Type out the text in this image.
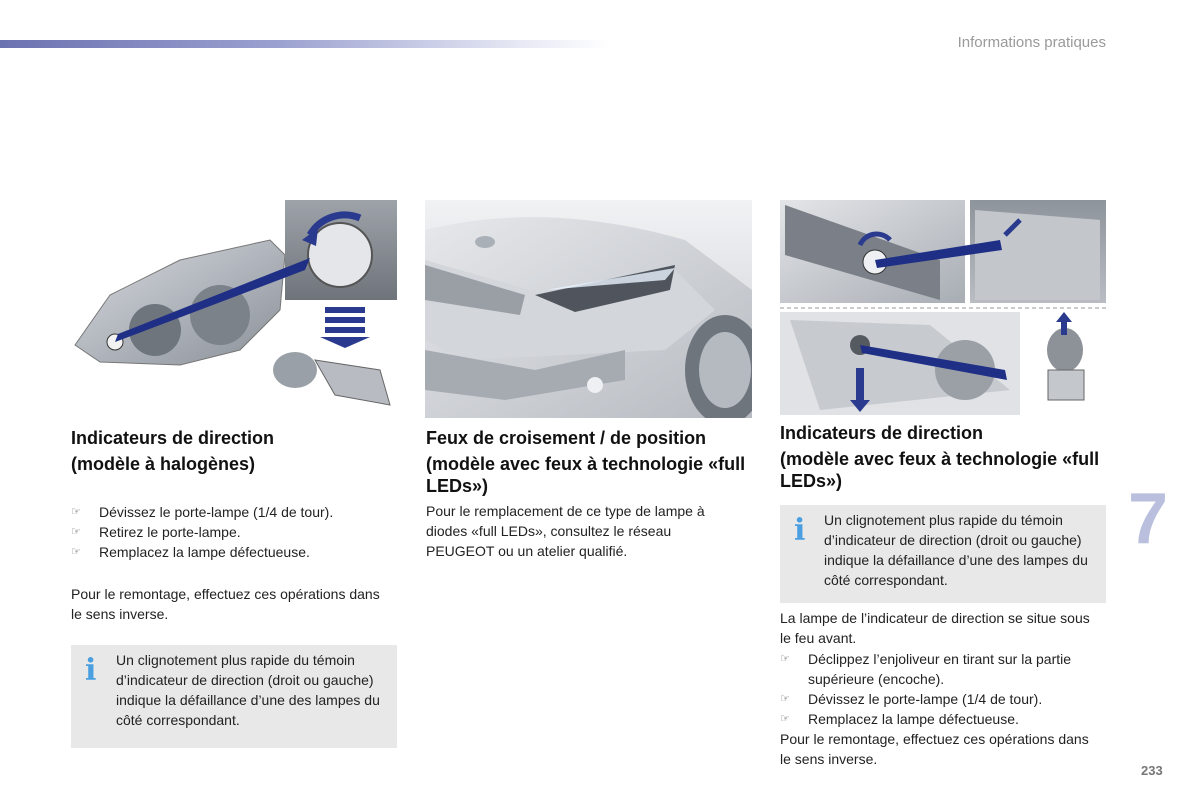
Informations pratiques
7
233
Indicateurs de direction
(modèle à halogènes)
☞ Dévissez le porte-lampe (1/4 de tour).
☞ Retirez le porte-lampe.
☞ Remplacez la lampe défectueuse.

Pour le remontage, effectuez ces opérations dans le sens inverse.

i Un clignotement plus rapide du témoin d’indicateur de direction (droit ou gauche) indique la défaillance d’une des lampes du côté correspondant.
Feux de croisement / de position
(modèle avec feux à technologie «full LEDs»)

Pour le remplacement de ce type de lampe à diodes «full LEDs», consultez le réseau PEUGEOT ou un atelier qualifié.

Indicateurs de direction
(modèle avec feux à technologie «full LEDs»)
i Un clignotement plus rapide du témoin d’indicateur de direction (droit ou gauche) indique la défaillance d’une des lampes du côté correspondant.

La lampe de l’indicateur de direction se situe sous le feu avant.

☞ Déclippez l’enjoliveur en tirant sur la partie supérieure (encoche).
☞ Dévissez le porte-lampe (1/4 de tour).
☞ Remplacez la lampe défectueuse.

Pour le remontage, effectuez ces opérations dans le sens inverse.
